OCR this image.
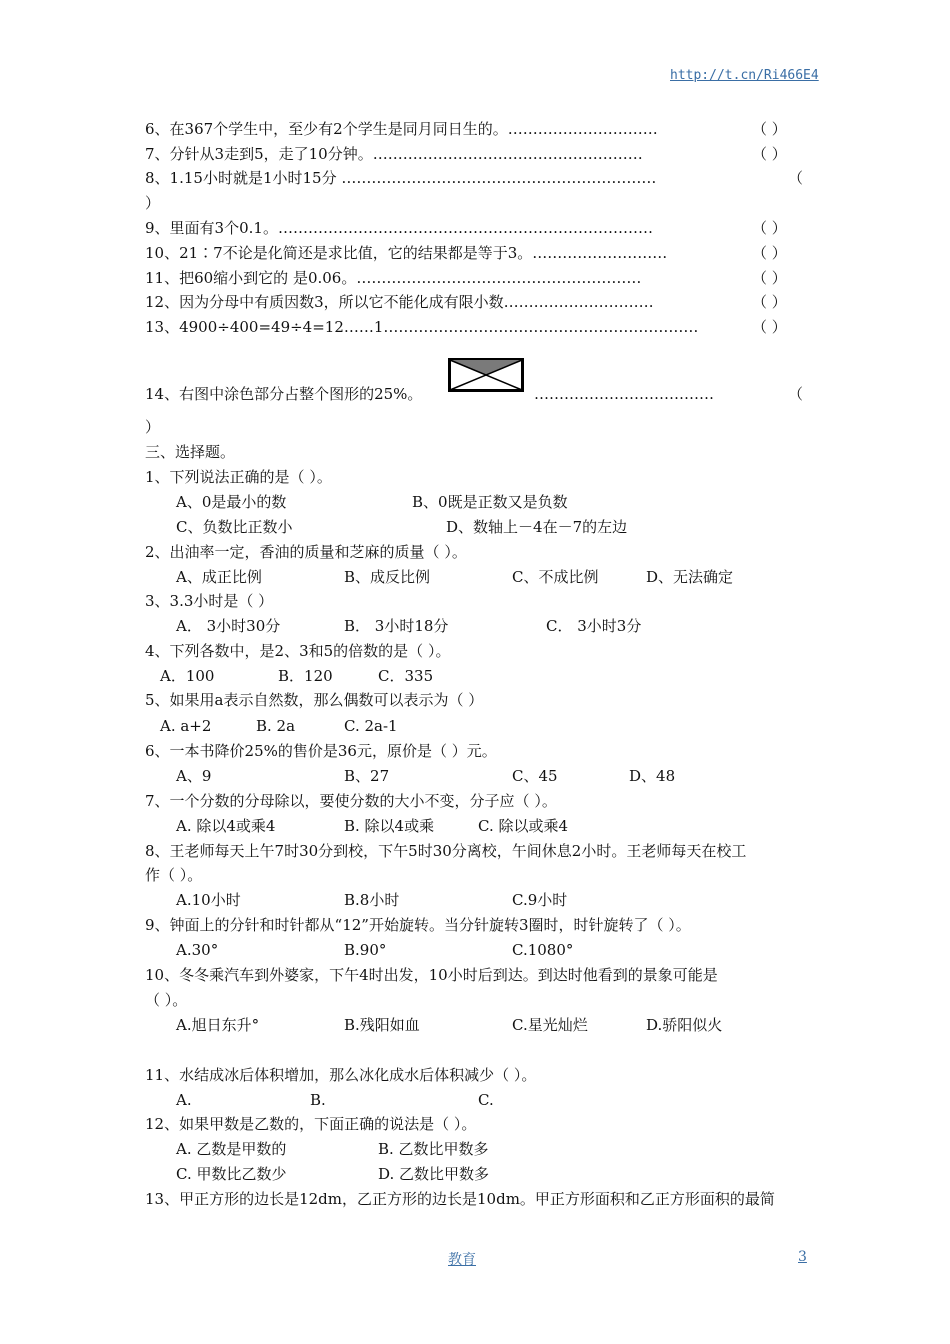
http://t.cn/Ri466E4
6、在367个学生中，至少有2个学生是同月同日生的。…………………………	（ ）
7、分针从3走到5，走了10分钟。………………………………………………	（ ）
8、1.15小时就是1小时15分 ………………………………………………………	（
）
9、里面有3个0.1。…………………………………………………………………	（ ）
10、21∶7不论是化简还是求比值，它的结果都是等于3。………………………	（ ）
11、把60缩小到它的 是0.06。…………………………………………………	（ ）
12、因为分母中有质因数3，所以它不能化成有限小数…………………………	（ ）
13、4900÷400=49÷4=12……1………………………………………………………	（ ）
14、右图中涂色部分占整个图形的25%。	………………………………	（
）
三、选择题。
1、下列说法正确的是（ ）。
A、0是最小的数	B、0既是正数又是负数
C、负数比正数小	D、数轴上－4在－7的左边
2、出油率一定，香油的质量和芝麻的质量（ ）。
A、成正比例	B、成反比例	C、不成比例	D、无法确定
3、3.3小时是（ ）
A． 3小时30分	B． 3小时18分	C． 3小时3分
4、下列各数中，是2、3和5的倍数的是（ ）。
A．100	B．120	C．335
5、如果用a表示自然数，那么偶数可以表示为（ ）
A. a+2	B. 2a	C. 2a-1
6、一本书降价25%的售价是36元，原价是（ ）元。
A、9	B、27	C、45	D、48
7、一个分数的分母除以，要使分数的大小不变，分子应（ ）。
A. 除以4或乘4	B. 除以4或乘	C. 除以或乘4
8、王老师每天上午7时30分到校，下午5时30分离校，午间休息2小时。王老师每天在校工
作（ ）。
A.10小时	B.8小时	C.9小时
9、钟面上的分针和时针都从“12”开始旋转。当分针旋转3圈时，时针旋转了（ ）。
A.30°	B.90°	C.1080°
10、冬冬乘汽车到外婆家，下午4时出发，10小时后到达。到达时他看到的景象可能是
（ ）。
A.旭日东升°	B.残阳如血	C.星光灿烂	D.骄阳似火
11、水结成冰后体积增加，那么冰化成水后体积减少（ ）。
A.	B.	C.
12、如果甲数是乙数的，下面正确的说法是（ ）。
A. 乙数是甲数的	B. 乙数比甲数多
C. 甲数比乙数少	D. 乙数比甲数多
13、甲正方形的边长是12dm，乙正方形的边长是10dm。甲正方形面积和乙正方形面积的最简
教育	3
